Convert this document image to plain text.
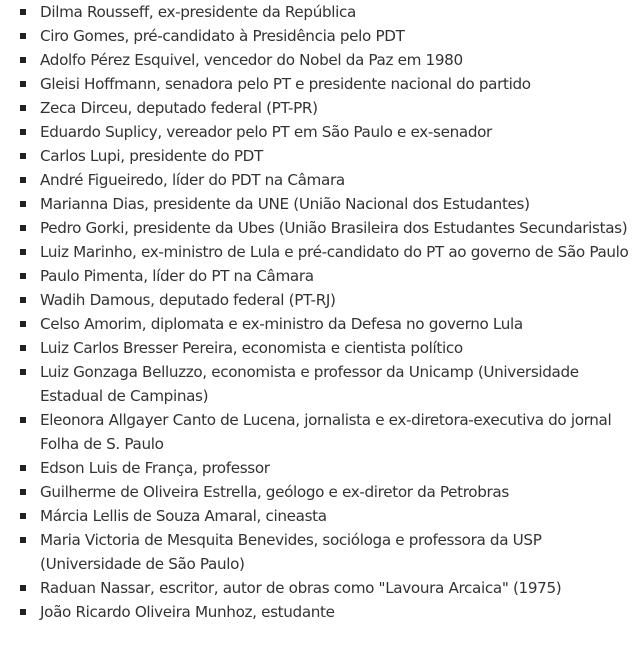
Dilma Rousseff, ex-presidente da República
Ciro Gomes, pré-candidato à Presidência pelo PDT
Adolfo Pérez Esquivel, vencedor do Nobel da Paz em 1980
Gleisi Hoffmann, senadora pelo PT e presidente nacional do partido
Zeca Dirceu, deputado federal (PT-PR)
Eduardo Suplicy, vereador pelo PT em São Paulo e ex-senador
Carlos Lupi, presidente do PDT
André Figueiredo, líder do PDT na Câmara
Marianna Dias, presidente da UNE (União Nacional dos Estudantes)
Pedro Gorki, presidente da Ubes (União Brasileira dos Estudantes Secundaristas)
Luiz Marinho, ex-ministro de Lula e pré-candidato do PT ao governo de São Paulo
Paulo Pimenta, líder do PT na Câmara
Wadih Damous, deputado federal (PT-RJ)
Celso Amorim, diplomata e ex-ministro da Defesa no governo Lula
Luiz Carlos Bresser Pereira, economista e cientista político
Luiz Gonzaga Belluzzo, economista e professor da Unicamp (Universidade Estadual de Campinas)
Eleonora Allgayer Canto de Lucena, jornalista e ex-diretora-executiva do jornal Folha de S. Paulo
Edson Luis de França, professor
Guilherme de Oliveira Estrella, geólogo e ex-diretor da Petrobras
Márcia Lellis de Souza Amaral, cineasta
Maria Victoria de Mesquita Benevides, socióloga e professora da USP (Universidade de São Paulo)
Raduan Nassar, escritor, autor de obras como "Lavoura Arcaica" (1975)
João Ricardo Oliveira Munhoz, estudante
